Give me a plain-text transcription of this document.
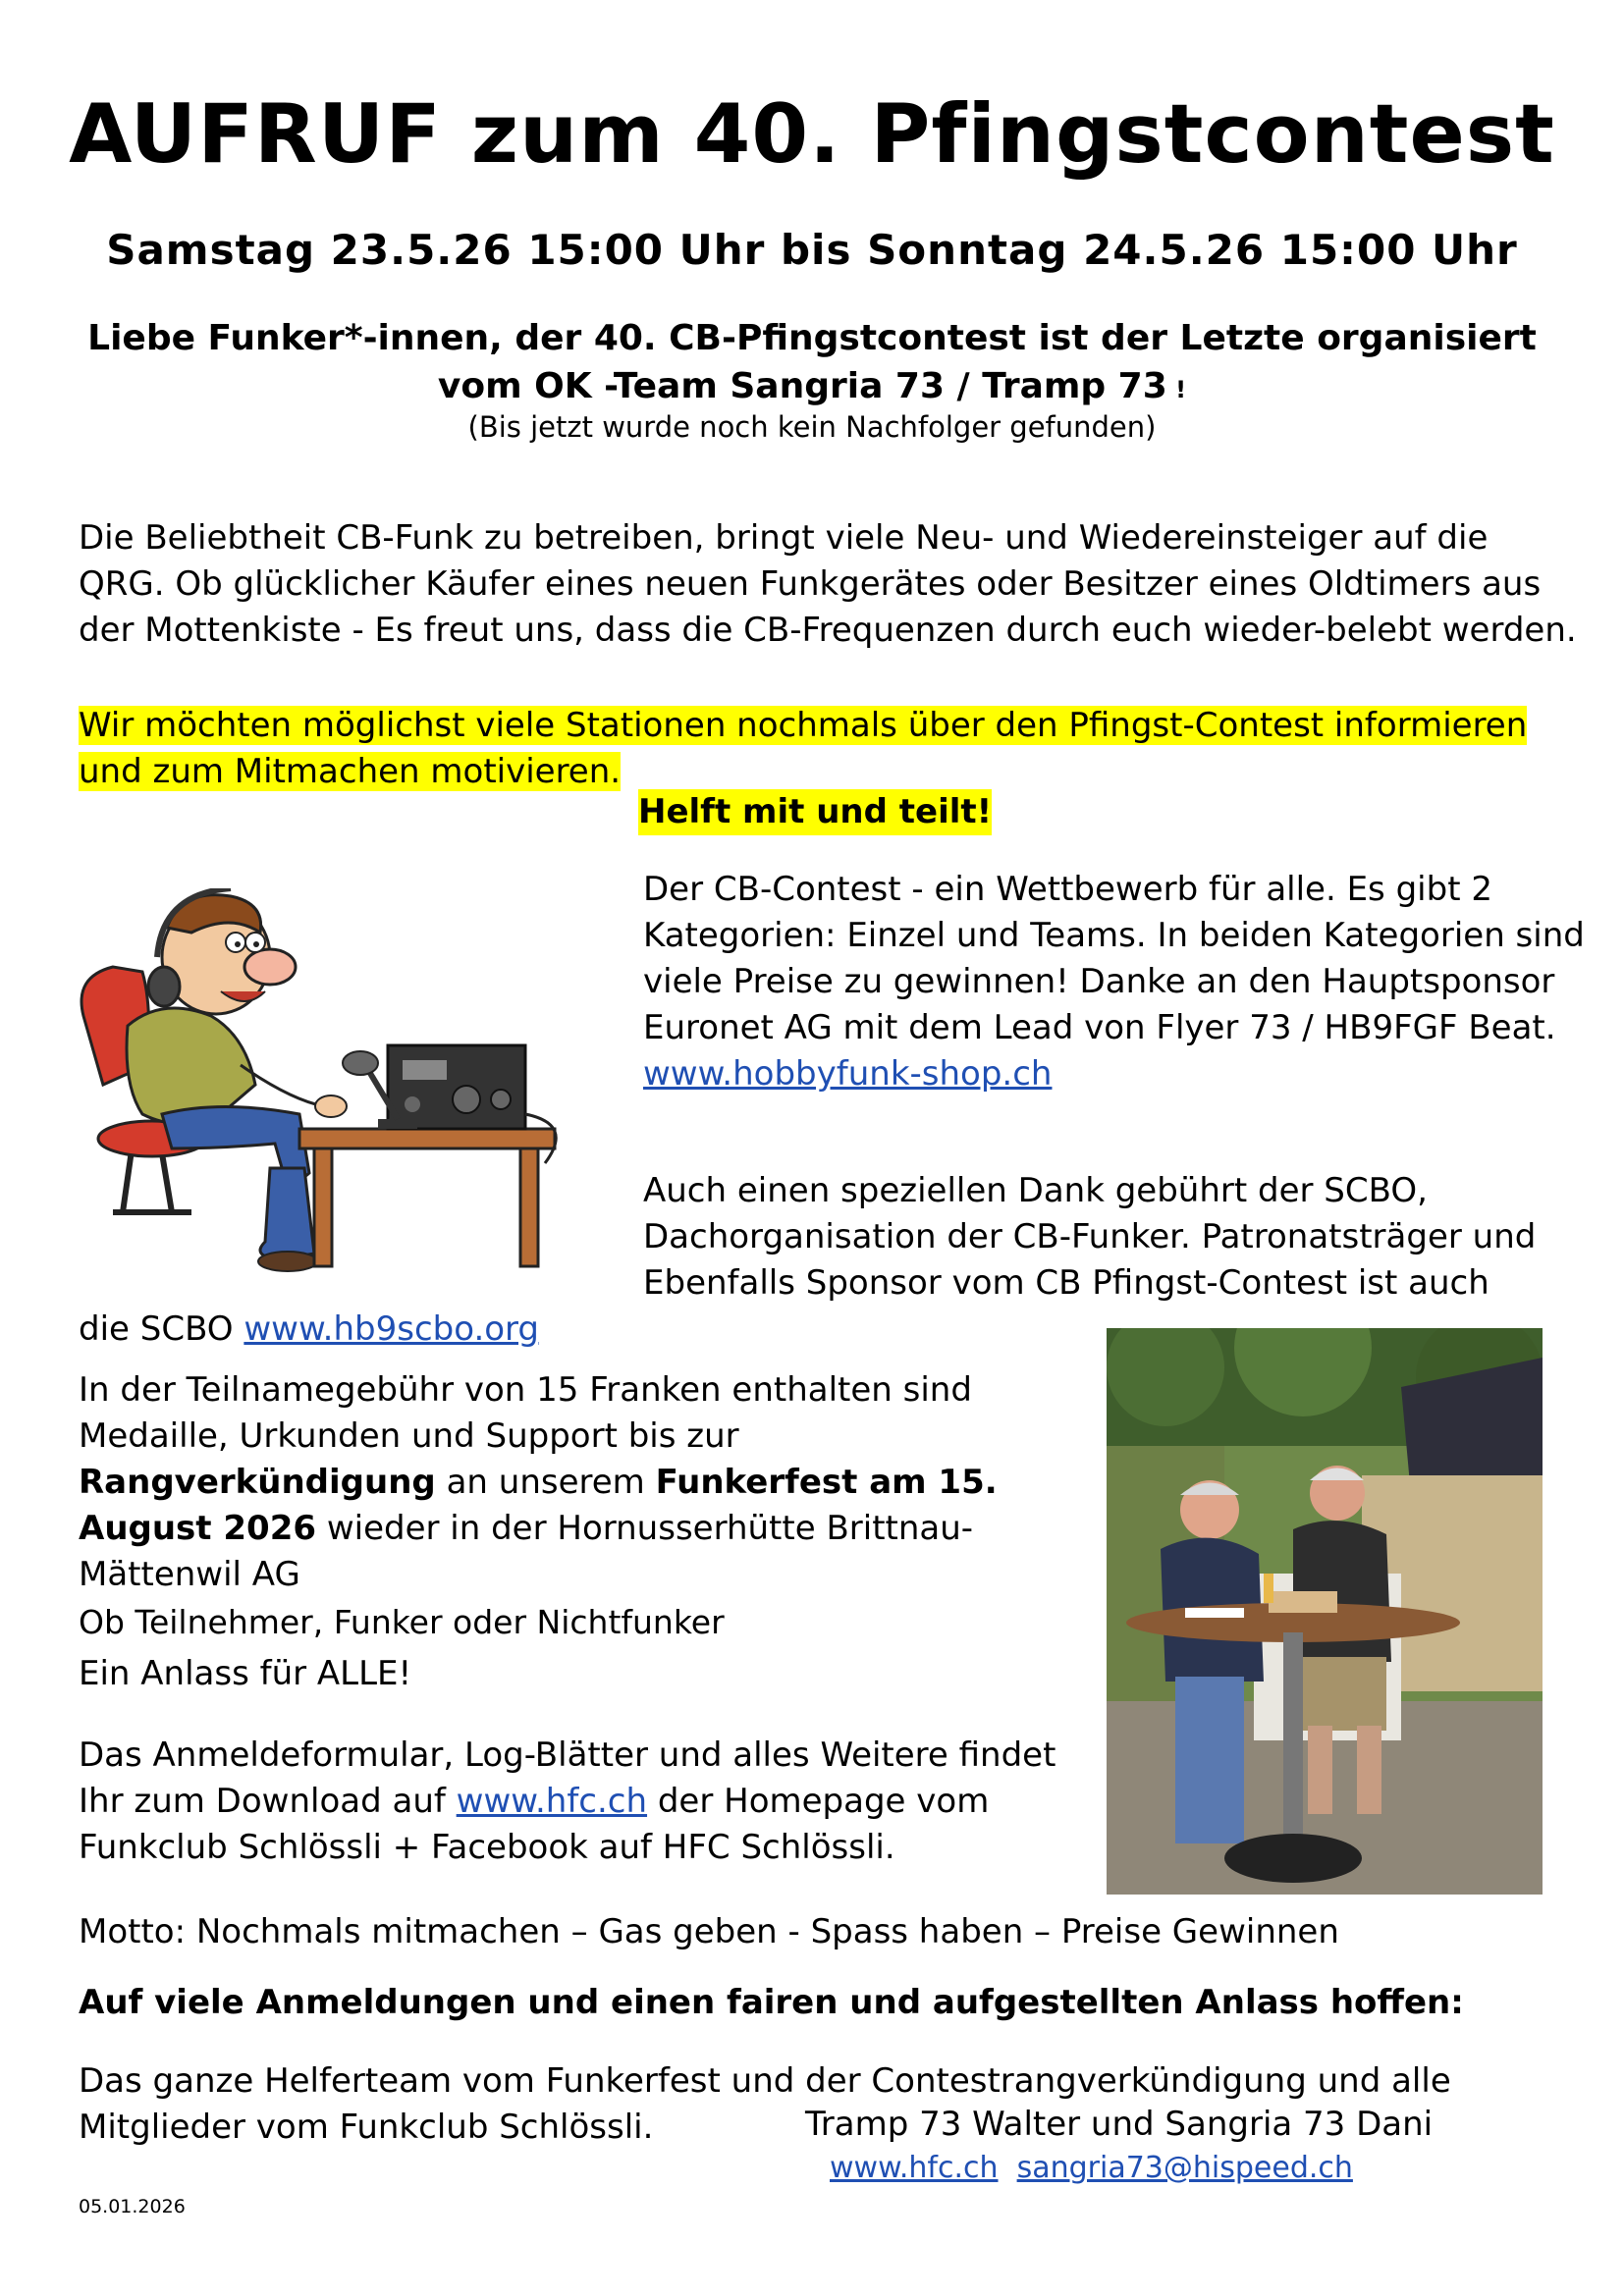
AUFRUF zum 40. Pfingstcontest
Samstag 23.5.26 15:00 Uhr bis Sonntag 24.5.26 15:00 Uhr
Liebe Funker*-innen, der 40. CB-Pfingstcontest ist der Letzte organisiert
vom OK -Team Sangria 73 / Tramp 73 !
(Bis jetzt wurde noch kein Nachfolger gefunden)
Die Beliebtheit CB-Funk zu betreiben, bringt viele Neu- und Wiedereinsteiger auf die QRG. Ob glücklicher Käufer eines neuen Funkgerätes oder Besitzer eines Oldtimers aus der Mottenkiste - Es freut uns, dass die CB-Frequenzen durch euch wieder-belebt werden.
Wir möchten möglichst viele Stationen nochmals über den Pfingst-Contest informieren
und zum Mitmachen motivieren.
Helft mit und teilt!
Der CB-Contest - ein Wettbewerb für alle. Es gibt 2 Kategorien: Einzel und Teams. In beiden Kategorien sind viele Preise zu gewinnen! Danke an den Hauptsponsor Euronet AG mit dem Lead von Flyer 73 / HB9FGF Beat.
www.hobbyfunk-shop.ch
Auch einen speziellen Dank gebührt der SCBO, Dachorganisation der CB-Funker. Patronatsträger und Ebenfalls Sponsor vom CB Pfingst-Contest ist auch
die SCBO www.hb9scbo.org
In der Teilnamegebühr von 15 Franken enthalten sind Medaille, Urkunden und Support bis zur Rangverkündigung an unserem Funkerfest am 15. August 2026 wieder in der Hornusserhütte Brittnau-Mättenwil AG
Ob Teilnehmer, Funker oder Nichtfunker
Ein Anlass für ALLE!
Das Anmeldeformular, Log-Blätter und alles Weitere findet Ihr zum Download auf www.hfc.ch der Homepage vom Funkclub Schlössli + Facebook auf HFC Schlössli.
Motto: Nochmals mitmachen – Gas geben - Spass haben – Preise Gewinnen
Auf viele Anmeldungen und einen fairen und aufgestellten Anlass hoffen:
Das ganze Helferteam vom Funkerfest und der Contestrangverkündigung und alle Mitglieder vom Funkclub Schlössli.	Tramp 73 Walter und Sangria 73 Dani
www.hfc.ch sangria73@hispeed.ch
05.01.2026
